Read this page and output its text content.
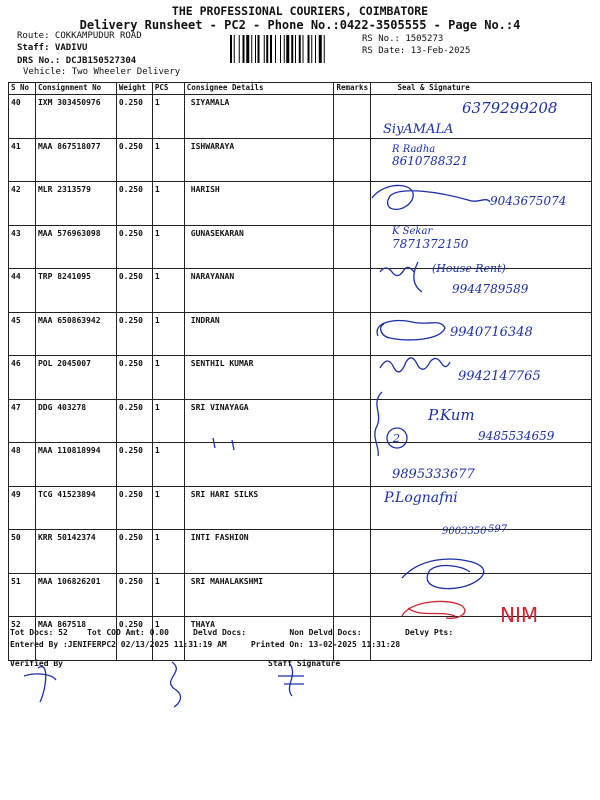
THE PROFESSIONAL COURIERS, COIMBATORE
Delivery Runsheet - PC2 - Phone No.:0422-3505555 - Page No.:4
Route: COKKAMPUDUR ROAD
Staff: VADIVU
DRS No.: DCJB150527304
Vehicle: Two Wheeler Delivery
RS No.: 1505273
RS Date: 13-Feb-2025
S No	Consignment No	Weight	PCS	Consignee Details	Remarks	Seal & Signature
40	IXM 303450976	0.250	1	SIYAMALA		
41	MAA 867518077	0.250	1	ISHWARAYA		
42	MLR 2313579	0.250	1	HARISH		
43	MAA 576963098	0.250	1	GUNASEKARAN		
44	TRP 8241095	0.250	1	NARAYANAN		
45	MAA 650863942	0.250	1	INDRAN		
46	POL 2045007	0.250	1	SENTHIL KUMAR		
47	DDG 403278	0.250	1	SRI VINAYAGA		
48	MAA 110818994	0.250	1			
49	TCG 41523894	0.250	1	SRI HARI SILKS		
50	KRR 50142374	0.250	1	INTI FASHION		
51	MAA 106826201	0.250	1	SRI MAHALAKSHMI		
52	MAA 867518	0.250	1	THAYA		
Tot Docs: 52 Tot COD Amt: 0.00	Delvd Docs:	Non Delvd Docs:	Delvy Pts:
Entered By :JENIFERPC2 02/13/2025 11:31:19 AM	Printed On: 13-02-2025 11:31:28
Verified By	Staff Signature
6379299208
SiyAMALA
R Radha
8610788321
9043675074
K Sekar
7871372150
(House Rent)
9944789589
9940716348
9942147765
P.Kum
9485534659
2
9895333677
P.Lognafni
9003350 597
NIM
